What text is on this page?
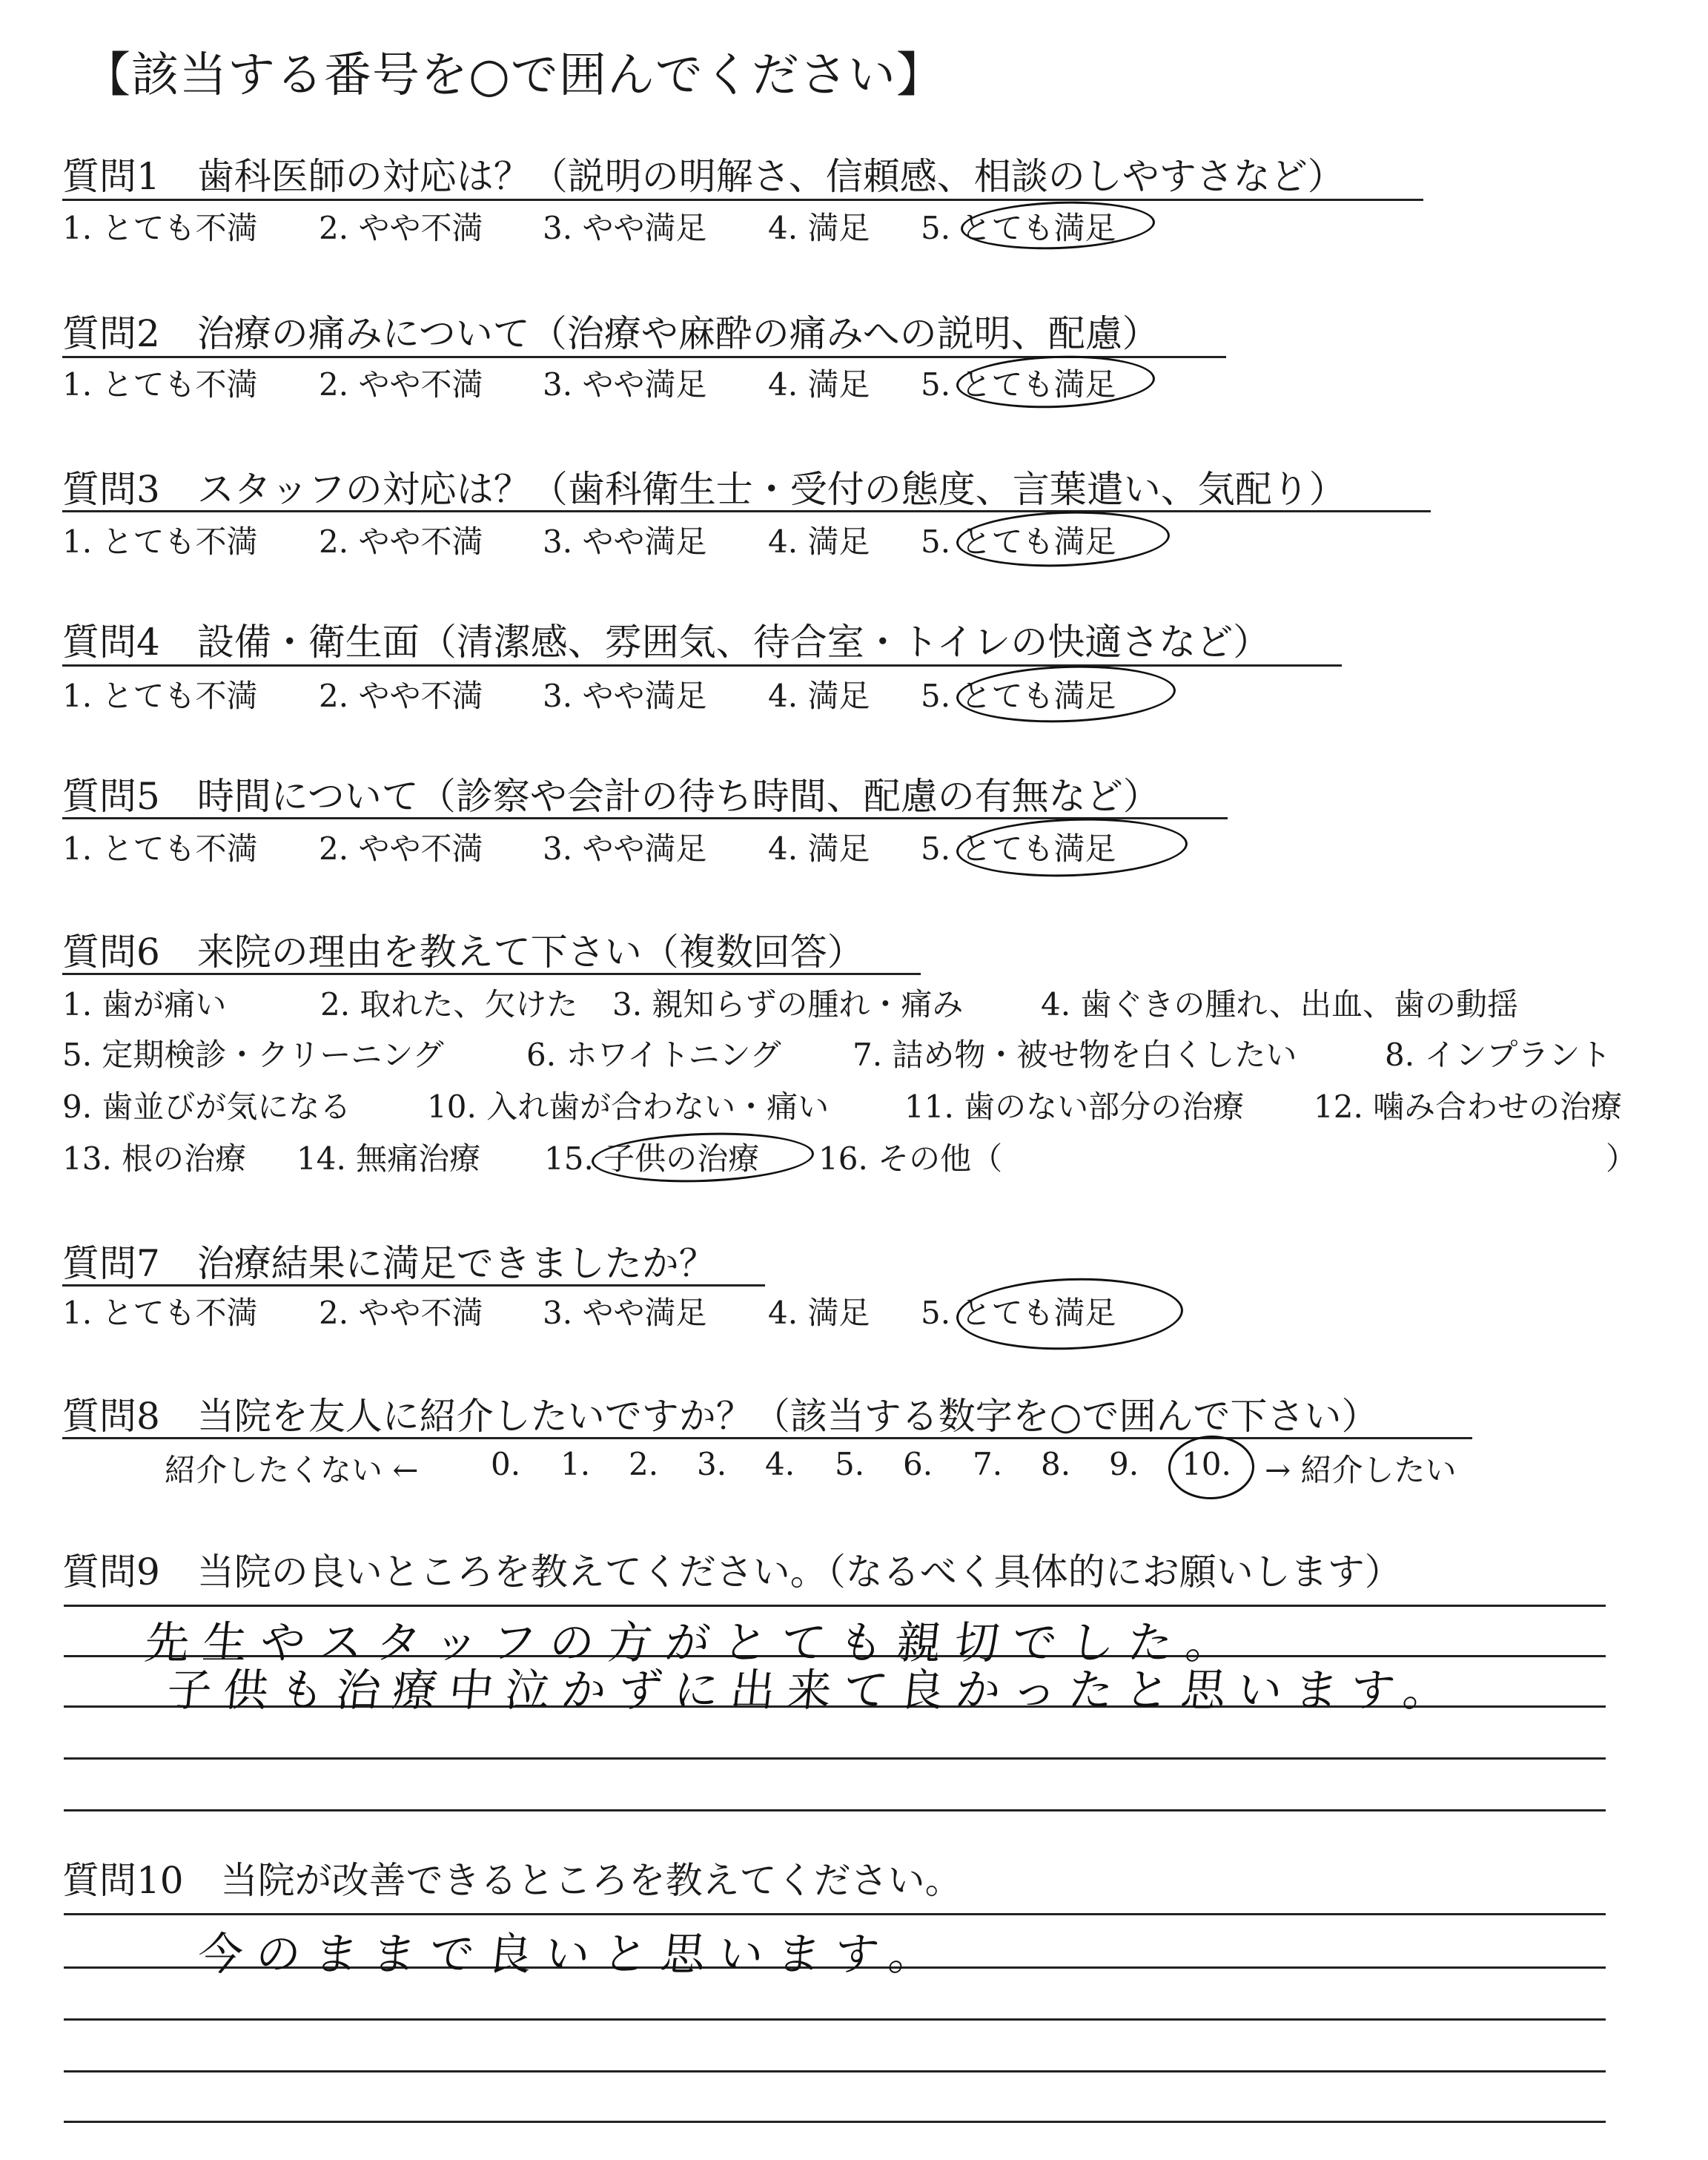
【該当する番号を○で囲んでください】
質問1 歯科医師の対応は？（説明の明解さ、信頼感、相談のしやすさなど）
1. とても不満 2. やや不満 3. やや満足 4. 満足 5. とても満足
質問2 治療の痛みについて（治療や麻酔の痛みへの説明、配慮）
1. とても不満 2. やや不満 3. やや満足 4. 満足 5. とても満足
質問3 スタッフの対応は？（歯科衛生士・受付の態度、言葉遣い、気配り）
1. とても不満 2. やや不満 3. やや満足 4. 満足 5. とても満足
質問4 設備・衛生面（清潔感、雰囲気、待合室・トイレの快適さなど）
1. とても不満 2. やや不満 3. やや満足 4. 満足 5. とても満足
質問5 時間について（診察や会計の待ち時間、配慮の有無など）
1. とても不満 2. やや不満 3. やや満足 4. 満足 5. とても満足
質問6 来院の理由を教えて下さい（複数回答）
1. 歯が痛い	2. 取れた、欠けた 3. 親知らずの腫れ・痛み 4. 歯ぐきの腫れ、出血、歯の動揺
5. 定期検診・クリーニング	6. ホワイトニング 7. 詰め物・被せ物を白くしたい	8. インプラント
9. 歯並びが気になる 10. 入れ歯が合わない・痛い 11. 歯のない部分の治療 12. 噛み合わせの治療
13. 根の治療 14. 無痛治療 15. 子供の治療 16. その他（	）
質問7 治療結果に満足できましたか？
1. とても不満 2. やや不満 3. やや満足 4. 満足 5. とても満足
質問8 当院を友人に紹介したいですか？（該当する数字を○で囲んで下さい）
紹介したくない ← 0. 1. 2. 3. 4. 5. 6. 7. 8. 9. 10. → 紹介したい
質問9 当院の良いところを教えてください。（なるべく具体的にお願いします）
先生やスタッフの方がとても親切でした。
子供も治療中泣かずに出来て良かったと思います。
質問10 当院が改善できるところを教えてください。
今のままで良いと思います。
